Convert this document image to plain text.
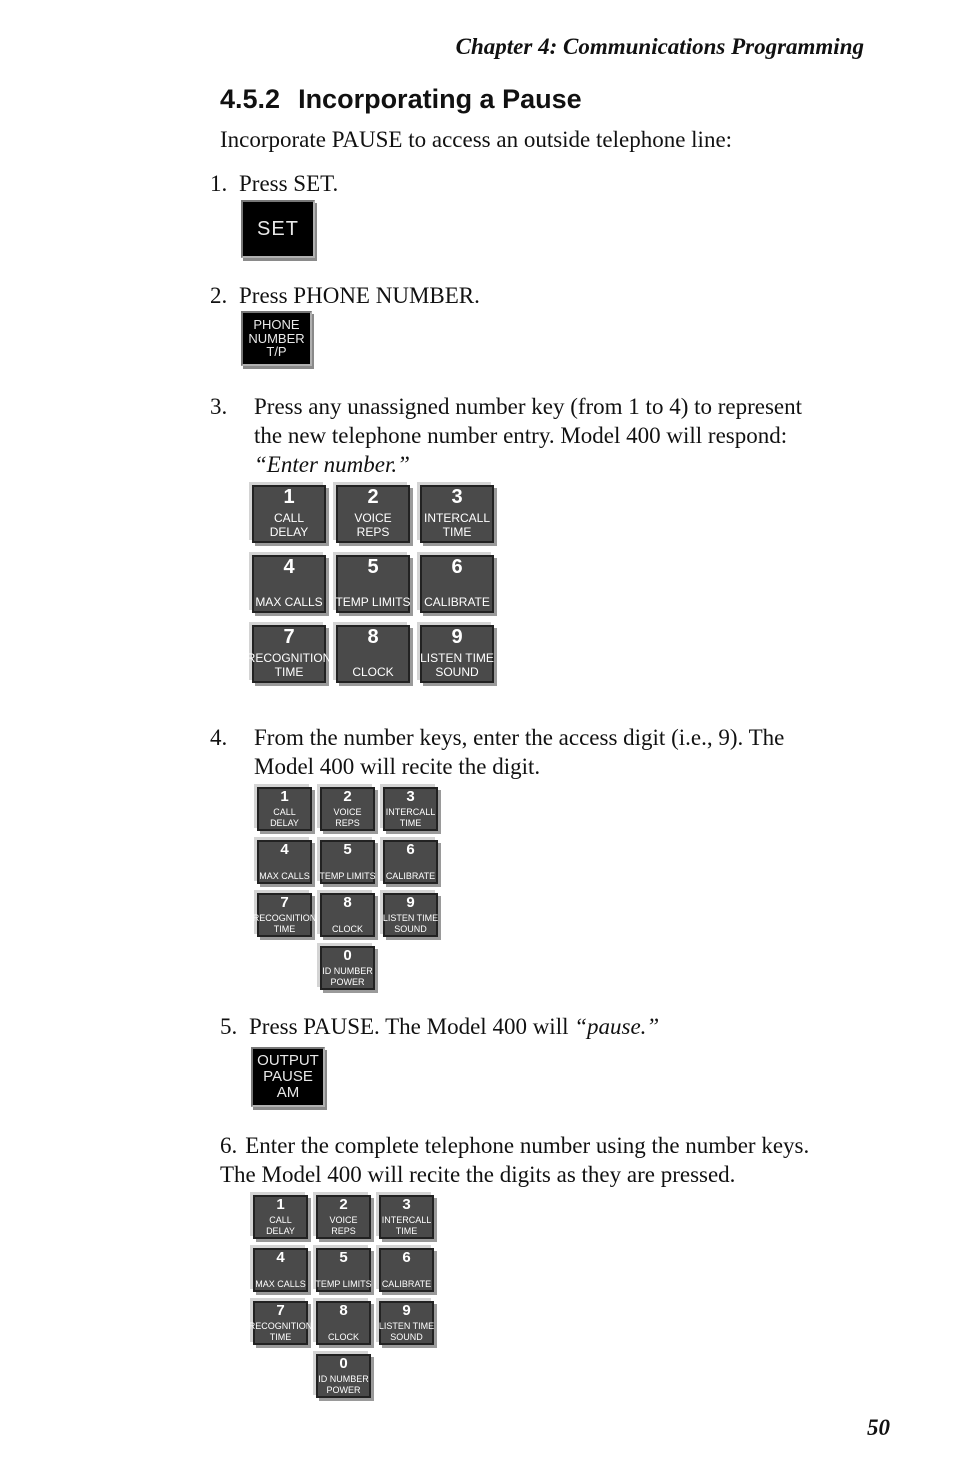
Chapter 4: Communications Programming
4.5.2 Incorporating a Pause
Incorporate PAUSE to access an outside telephone line:
1. Press SET.
SET
2. Press PHONE NUMBER.
PHONE
NUMBER
T/P
3. Press any unassigned number key (from 1 to 4) to represent
the new telephone number entry. Model 400 will respond:
“Enter number.”
4. From the number keys, enter the access digit (i.e., 9). The
Model 400 will recite the digit.
5. Press PAUSE. The Model 400 will “pause.”
OUTPUT
PAUSE
AM
6. Enter the complete telephone number using the number keys.
The Model 400 will recite the digits as they are pressed.
50
1
CALL
DELAY
2
VOICE
REPS
3
INTERCALL
TIME
4

MAX CALLS
5

TEMP LIMITS
6

CALIBRATE
7
RECOGNITION
TIME
8

CLOCK
9
LISTEN TIME
SOUND
1
CALL
DELAY
2
VOICE
REPS
3
INTERCALL
TIME
4

MAX CALLS
5

TEMP LIMITS
6

CALIBRATE
7
RECOGNITION
TIME
8

CLOCK
9
LISTEN TIME
SOUND
0
ID NUMBER
POWER
1
CALL
DELAY
2
VOICE
REPS
3
INTERCALL
TIME
4

MAX CALLS
5

TEMP LIMITS
6

CALIBRATE
7
RECOGNITION
TIME
8

CLOCK
9
LISTEN TIME
SOUND
0
ID NUMBER
POWER
